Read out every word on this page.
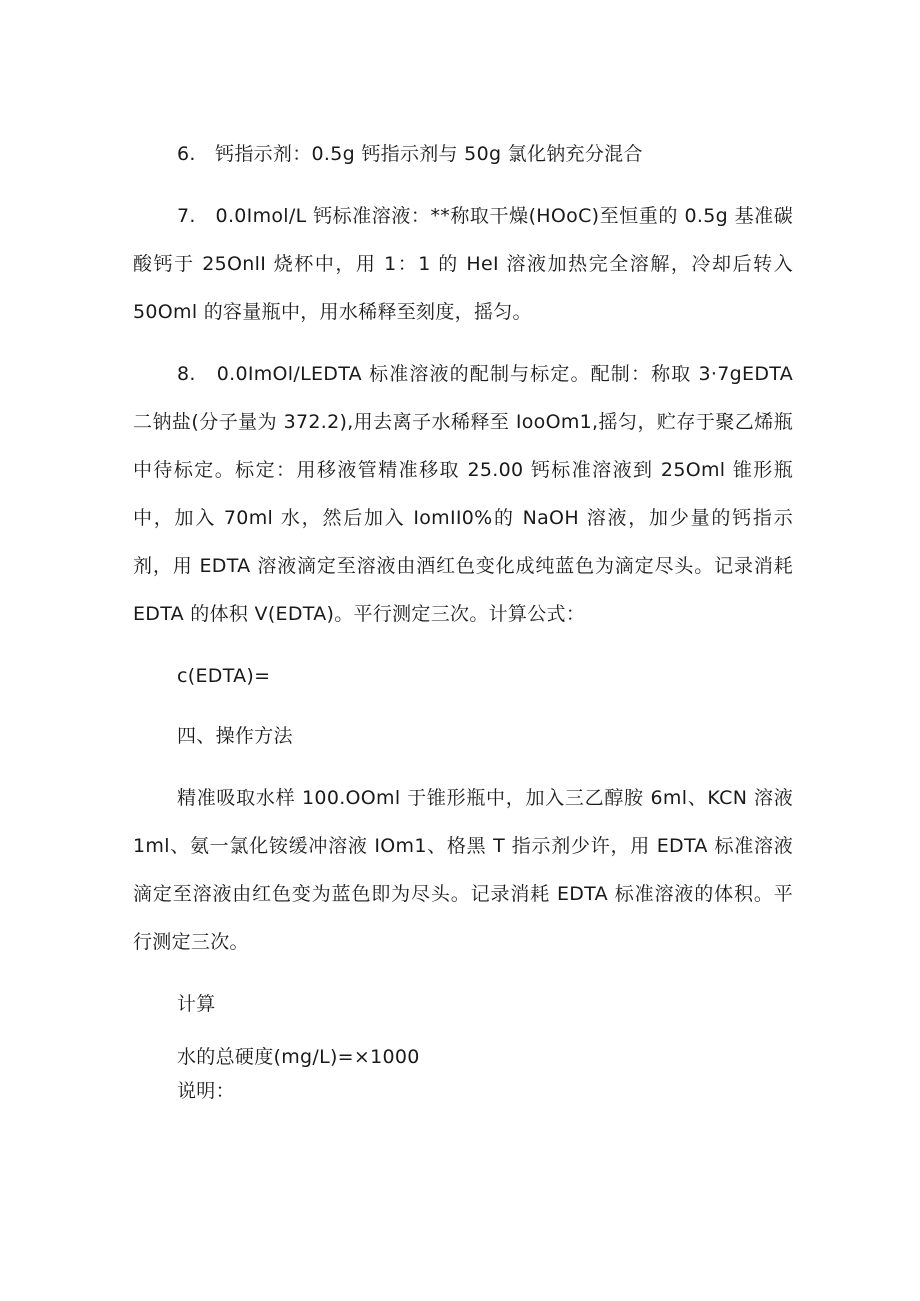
6.　钙指示剂：0.5g 钙指示剂与 50g 氯化钠充分混合

7.　0.0Imol/L 钙标准溶液：**称取干燥(HOoC)至恒重的 0.5g 基准碳酸钙于 25OnlI 烧杯中，用 1：1 的 HeI 溶液加热完全溶解，冷却后转入 50Oml 的容量瓶中，用水稀释至刻度，摇匀。

8.　0.0ImOl/LEDTA 标准溶液的配制与标定。配制：称取 3·7gEDTA 二钠盐(分子量为 372.2),用去离子水稀释至 IooOm1,摇匀，贮存于聚乙烯瓶中待标定。标定：用移液管精准移取 25.00 钙标准溶液到 25Oml 锥形瓶中，加入 70ml 水，然后加入 IomII0%的 NaOH 溶液，加少量的钙指示剂，用 EDTA 溶液滴定至溶液由酒红色变化成纯蓝色为滴定尽头。记录消耗 EDTA 的体积 V(EDTA)。平行测定三次。计算公式：

c(EDTA)=

四、操作方法

精准吸取水样 100.OOml 于锥形瓶中，加入三乙醇胺 6ml、KCN 溶液 1ml、氨一氯化铵缓冲溶液 IOm1、格黑 T 指示剂少许，用 EDTA 标准溶液滴定至溶液由红色变为蓝色即为尽头。记录消耗 EDTA 标准溶液的体积。平行测定三次。

计算

水的总硬度(mg/L)=×1000

说明：
